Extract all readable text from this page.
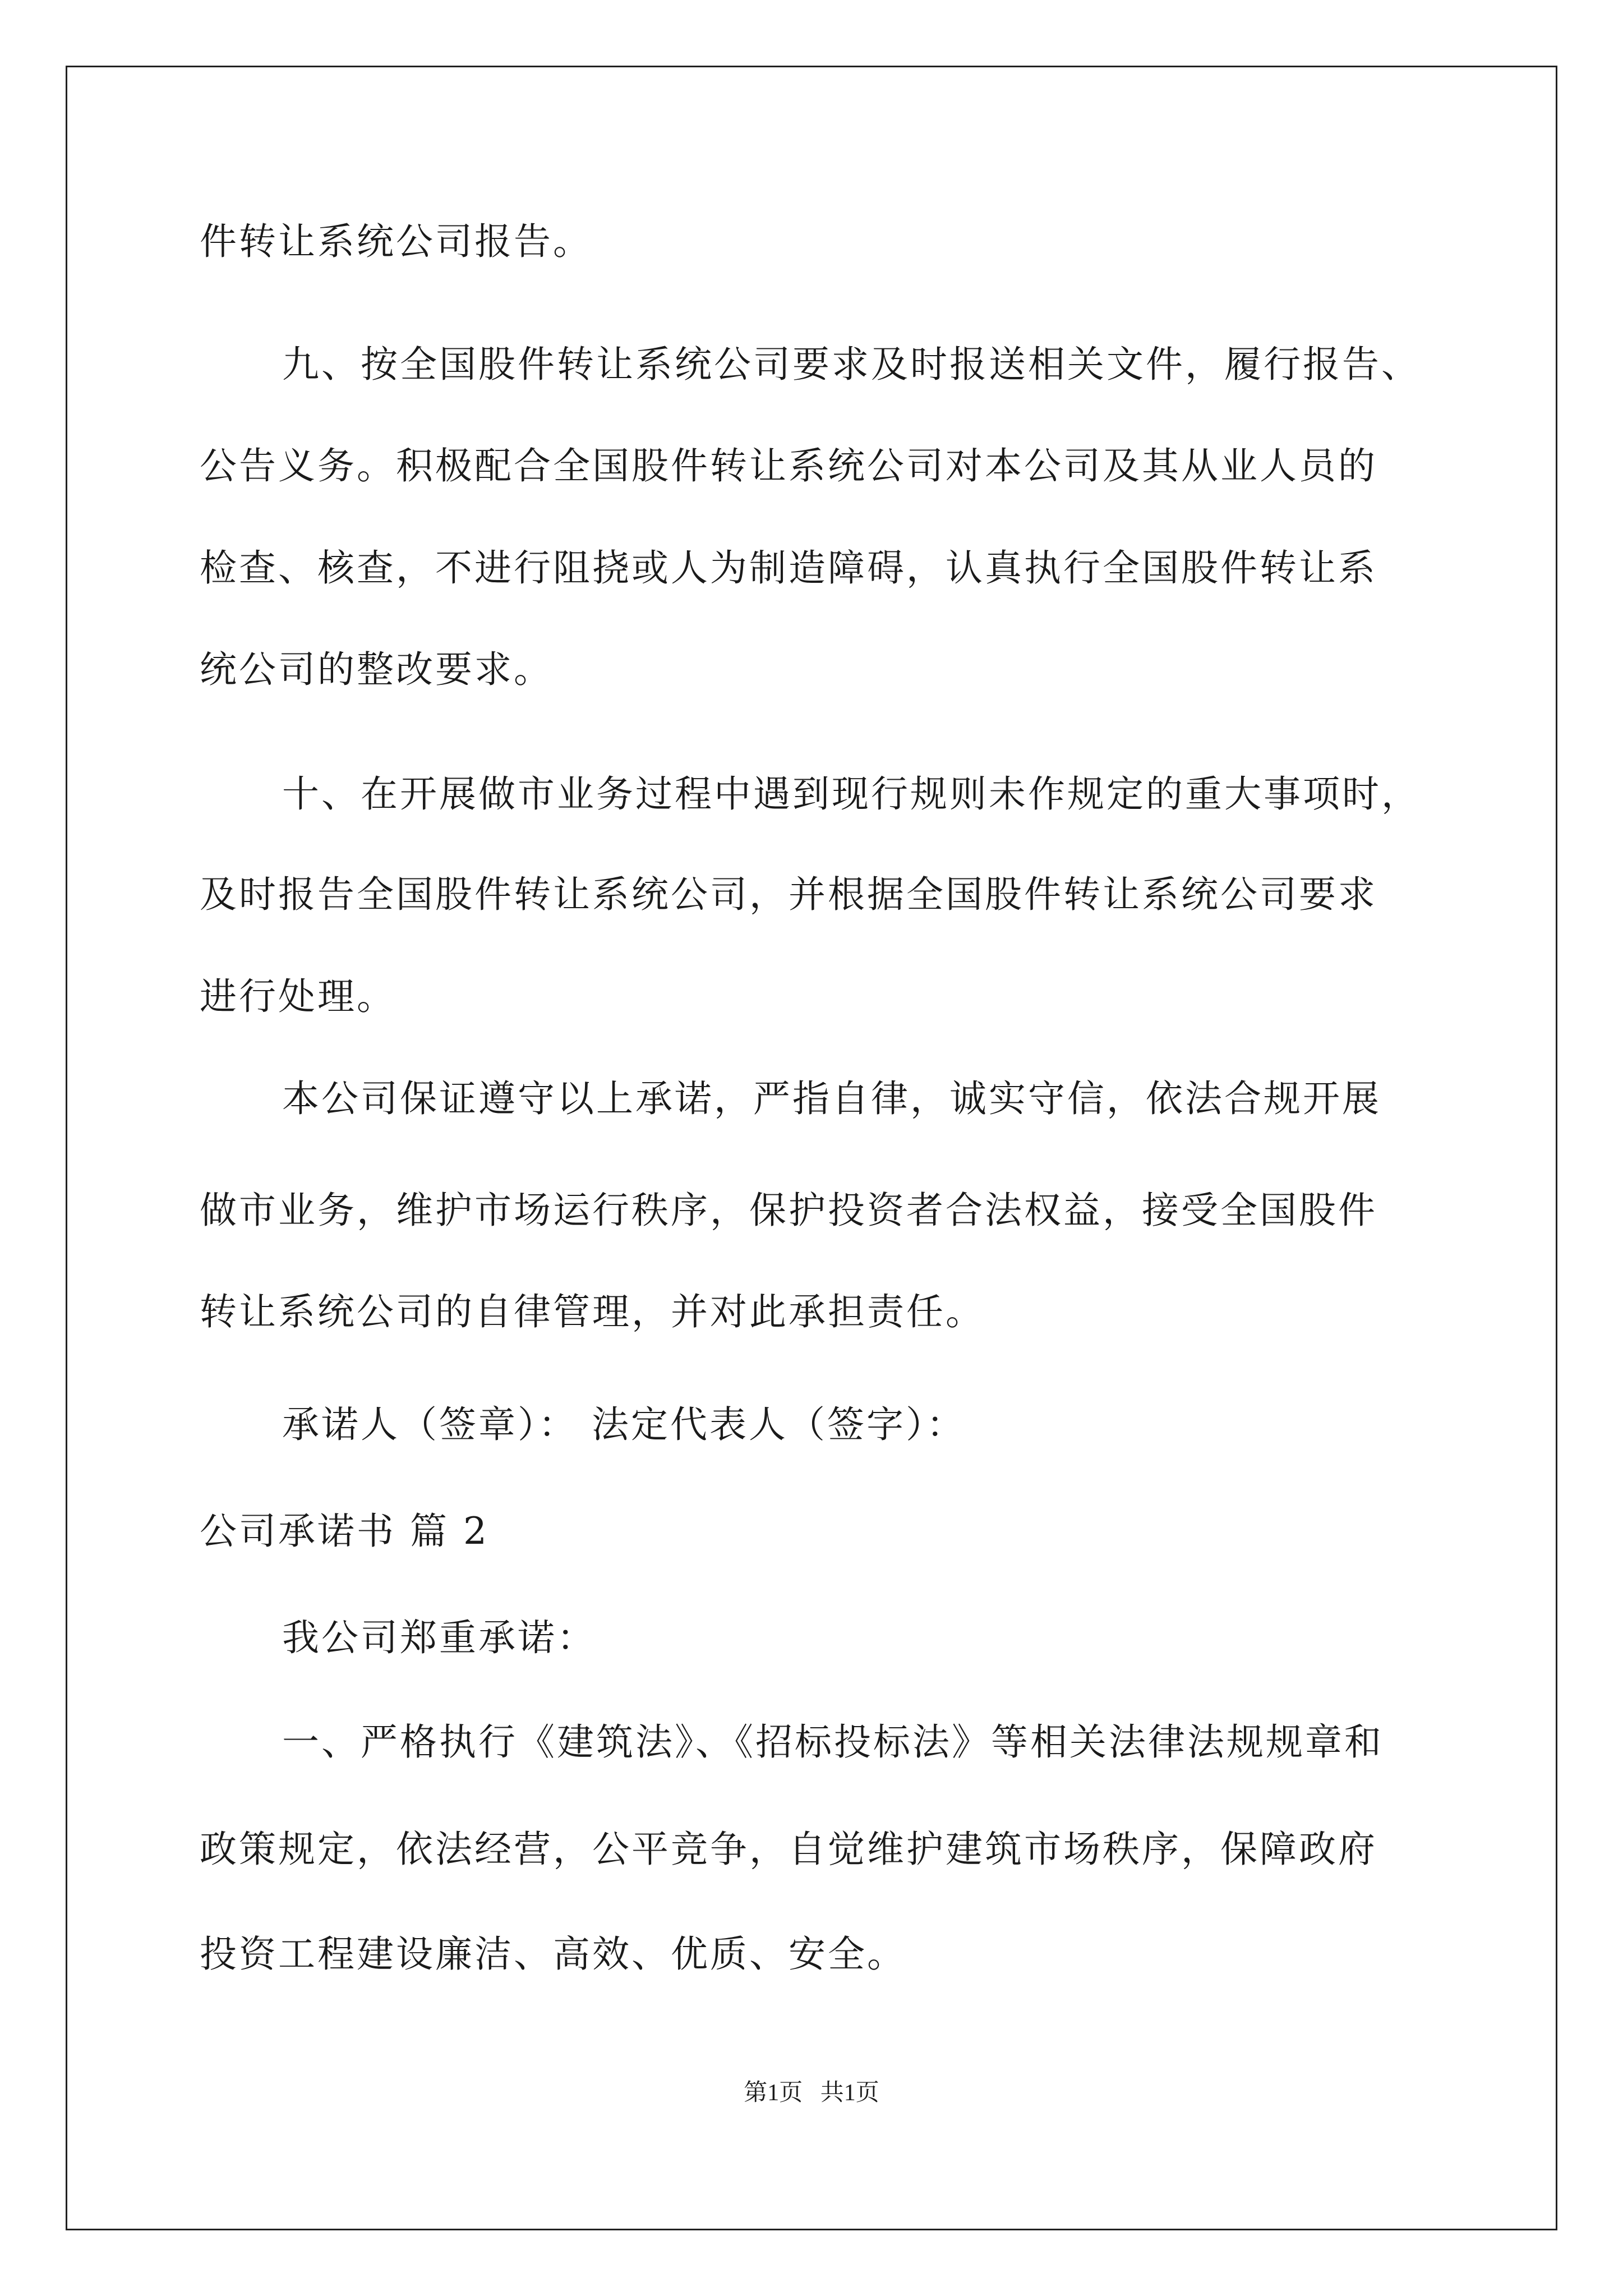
件转让系统公司报告。
九、按全国股件转让系统公司要求及时报送相关文件，履行报告、
公告义务。积极配合全国股件转让系统公司对本公司及其从业人员的
检查、核查，不进行阻挠或人为制造障碍，认真执行全国股件转让系
统公司的整改要求。
十、在开展做市业务过程中遇到现行规则未作规定的重大事项时，
及时报告全国股件转让系统公司，并根据全国股件转让系统公司要求
进行处理。
本公司保证遵守以上承诺，严指自律，诚实守信，依法合规开展
做市业务，维护市场运行秩序，保护投资者合法权益，接受全国股件
转让系统公司的自律管理，并对此承担责任。
承诺人（签章）： 法定代表人（签字）：
公司承诺书 篇 2
我公司郑重承诺：
一、严格执行《建筑法》、《招标投标法》等相关法律法规规章和
政策规定，依法经营，公平竞争，自觉维护建筑市场秩序，保障政府
投资工程建设廉洁、高效、优质、安全。
第1页   共1页
